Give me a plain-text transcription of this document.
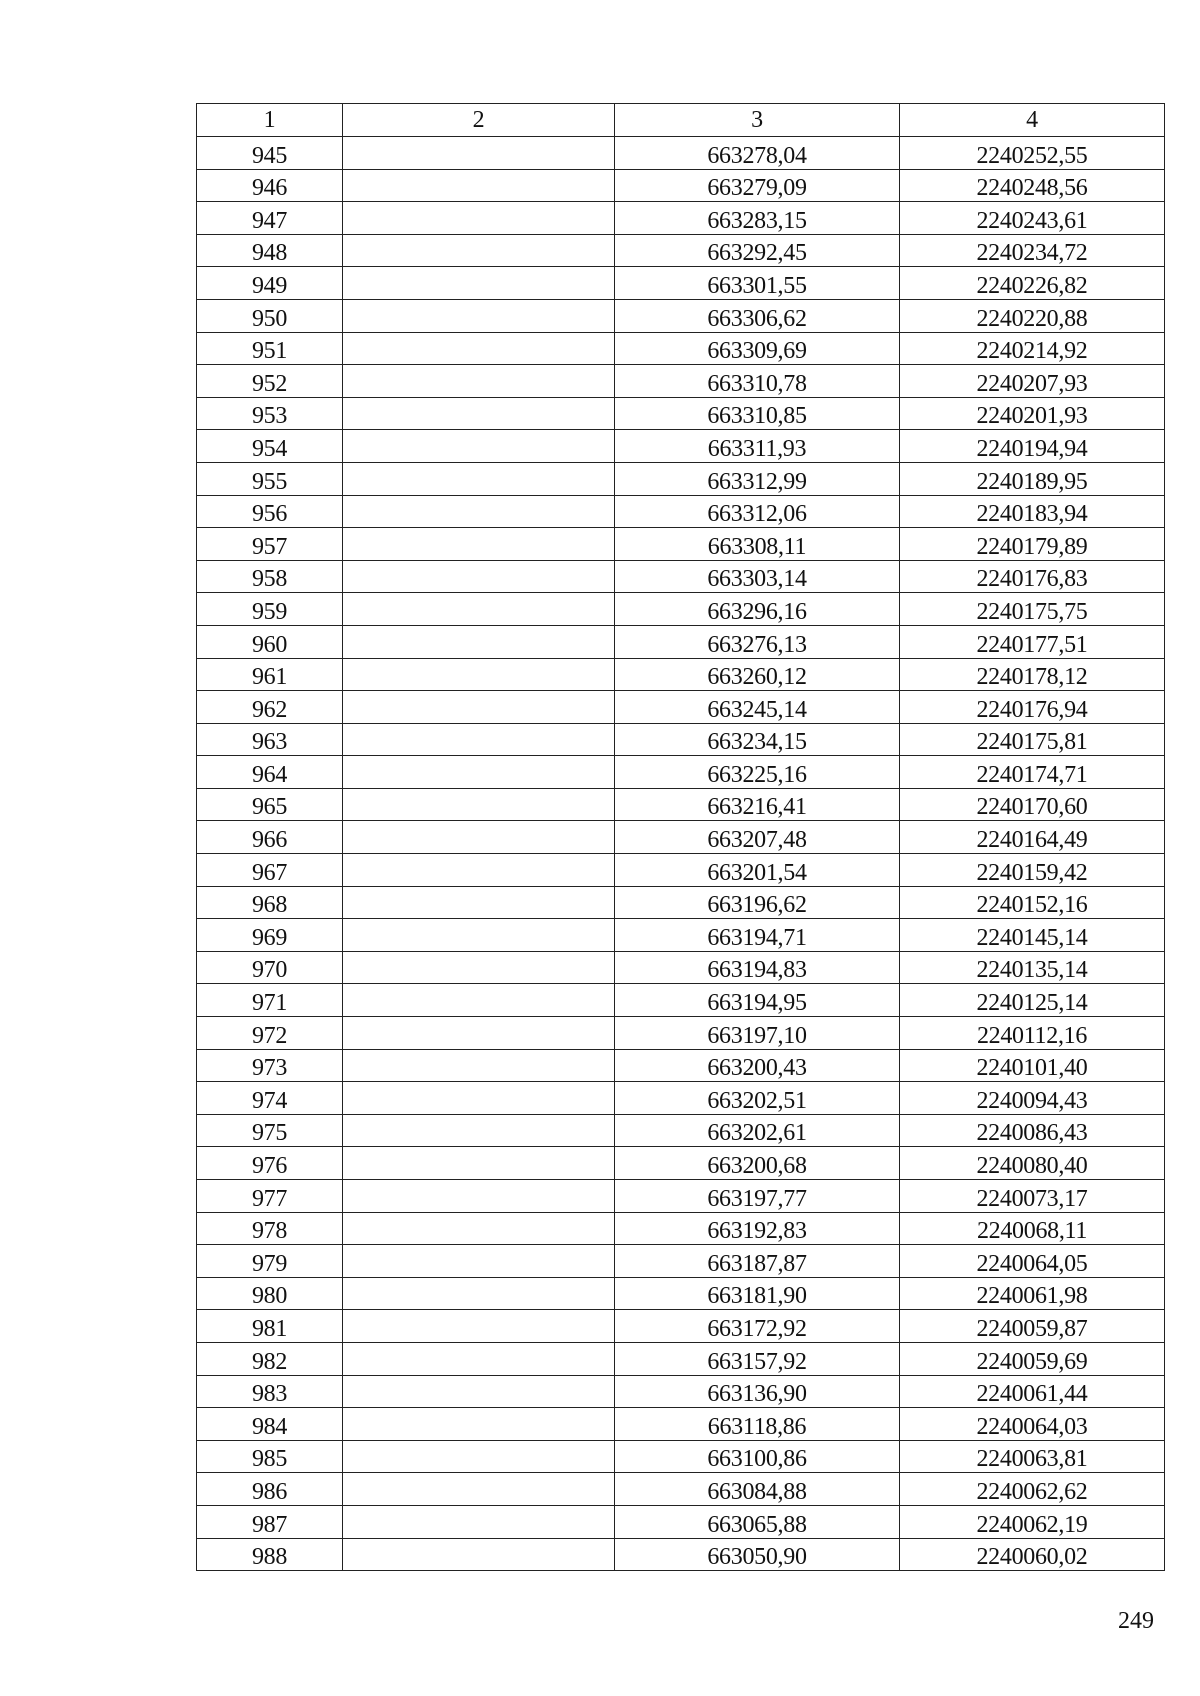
1	2	3	4
945		663278,04	2240252,55
946		663279,09	2240248,56
947		663283,15	2240243,61
948		663292,45	2240234,72
949		663301,55	2240226,82
950		663306,62	2240220,88
951		663309,69	2240214,92
952		663310,78	2240207,93
953		663310,85	2240201,93
954		663311,93	2240194,94
955		663312,99	2240189,95
956		663312,06	2240183,94
957		663308,11	2240179,89
958		663303,14	2240176,83
959		663296,16	2240175,75
960		663276,13	2240177,51
961		663260,12	2240178,12
962		663245,14	2240176,94
963		663234,15	2240175,81
964		663225,16	2240174,71
965		663216,41	2240170,60
966		663207,48	2240164,49
967		663201,54	2240159,42
968		663196,62	2240152,16
969		663194,71	2240145,14
970		663194,83	2240135,14
971		663194,95	2240125,14
972		663197,10	2240112,16
973		663200,43	2240101,40
974		663202,51	2240094,43
975		663202,61	2240086,43
976		663200,68	2240080,40
977		663197,77	2240073,17
978		663192,83	2240068,11
979		663187,87	2240064,05
980		663181,90	2240061,98
981		663172,92	2240059,87
982		663157,92	2240059,69
983		663136,90	2240061,44
984		663118,86	2240064,03
985		663100,86	2240063,81
986		663084,88	2240062,62
987		663065,88	2240062,19
988		663050,90	2240060,02
249
